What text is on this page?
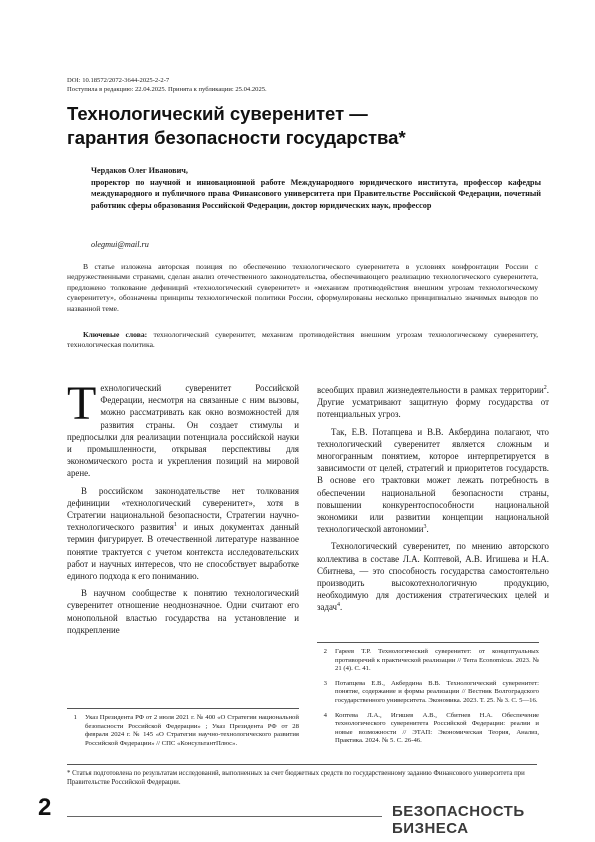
DOI: 10.18572/2072-3644-2025-2-2-7
Поступила в редакцию: 22.04.2025. Принята к публикации: 25.04.2025.
Технологический суверенитет —
гарантия безопасности государства*
Чердаков Олег Иванович,
проректор по научной и инновационной работе Международного юридического института, профессор кафедры международного и публичного права Финансового университета при Правительстве Российской Федерации, почетный работник сферы образования Российской Федерации, доктор юридических наук, профессор
olegmui@mail.ru

В статье изложена авторская позиция по обеспечению технологического суверенитета в условиях конфронтации России с недружественными странами, сделан анализ отечественного законодательства, обеспечивающего реализацию технологического суверенитета, предложено толкование дефиниций «технологический суверенитет» и «механизм противодействия внешним угрозам технологическому суверенитету», обозначены принципы технологической политики России, сформулированы несколько принципиально значимых выводов по названной теме.

Ключевые слова: технологический суверенитет, механизм противодействия внешним угрозам технологическому суверенитету, технологическая политика.

Технологический суверенитет Российской Федерации, несмотря на связанные с ним вызовы, можно рассматривать как окно возможностей для развития страны. Он создает стимулы и предпосылки для реализации потенциала российской науки и промышленности, открывая перспективы для экономического роста и укрепления позиций на мировой арене.

В российском законодательстве нет толкования дефиниции «технологический суверенитет», хотя в Стратегии национальной безопасности, Стратегии научно-технологического развития$^1$ и иных документах данный термин фигурирует. В отечественной литературе названное понятие трактуется с учетом контекста исследовательских работ и научных интересов, что не способствует выработке единого подхода к его пониманию.

В научном сообществе к понятию технологический суверенитет отношение неоднозначное. Одни считают его монопольной властью государства на установление и подкрепление

всеобщих правил жизнедеятельности в рамках территории$^2$. Другие усматривают защитную форму государства от потенциальных угроз.

Так, Е.В. Потапцева и В.В. Акбердина полагают, что технологический суверенитет является сложным и многогранным понятием, которое интерпретируется в зависимости от целей, стратегий и приоритетов государств. В основе его трактовки может лежать потребность в обеспечении национальной безопасности страны, повышении конкурентоспособности национальной экономики или развитии концепции национальной технологической автономии$^3$.

Технологический суверенитет, по мнению авторского коллектива в составе Л.А. Коптевой, А.В. Игишева и Н.А. Сбитнева, — это способность государства самостоятельно производить высокотехнологичную продукцию, необходимую для достижения стратегических целей и задач$^4$.

2 Гареев Т.Р. Технологический суверенитет: от концептуальных противоречий к практической реализации // Terra Economicus. 2023. № 21 (4). С. 41.
3 Потапцева Е.В., Акбердина В.В. Технологический суверенитет: понятие, содержание и формы реализации // Вестник Волгоградского государственного университета. Экономика. 2023. Т. 25. № 3. С. 5—16.
4 Коптева Л.А., Игишев А.В., Сбитнев Н.А. Обеспечение технологического суверенитета Российской Федерации: реалии и новые возможности // ЭТАП: Экономическая Теория, Анализ, Практика. 2024. № 5. С. 26-46.
1 Указ Президента РФ от 2 июля 2021 г. № 400 «О Стратегии национальной безопасности Российской Федерации» ; Указ Президента РФ от 28 февраля 2024 г. № 145 «О Стратегии научно-технологического развития Российской Федерации» // СПС «КонсультантПлюс».
* Статья подготовлена по результатам исследований, выполненных за счет бюджетных средств по государственному заданию Финансового университета при Правительстве Российской Федерации.
2	БЕЗОПАСНОСТЬ БИЗНЕСА
